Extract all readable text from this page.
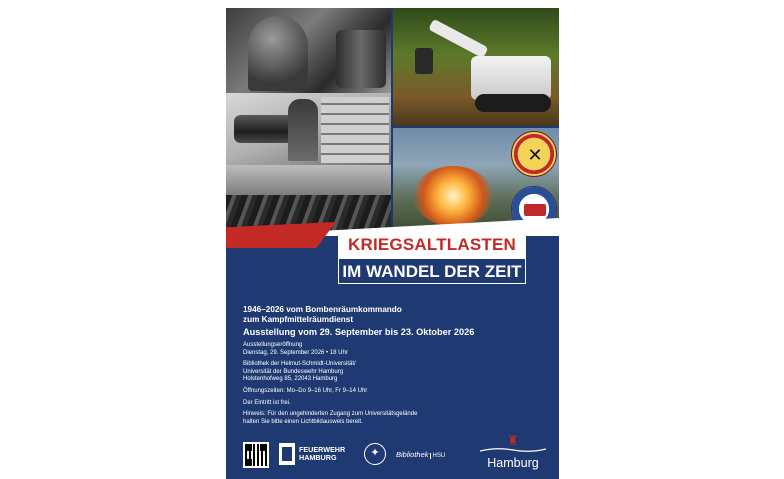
✕
KRIEGSALTLASTEN
IM WANDEL DER ZEIT
1946–2026 vom Bombenräumkommando
zum Kampfmittelräumdienst
Ausstellung vom 29. September bis 23. Oktober 2026
Ausstellungseröffnung
Dienstag, 29. September 2026 • 18 Uhr
Bibliothek der Helmut-Schmidt-Universität/
Universität der Bundeswehr Hamburg
Holstenhofweg 85, 22043 Hamburg
Öffnungszeiten: Mo–Do 9–16 Uhr, Fr 9–14 Uhr
Der Eintritt ist frei.
Hinweis: Für den ungehinderten Zugang zum Universitätsgelände
halten Sie bitte einen Lichtbildausweis bereit.
FEUERWEHR
HAMBURG	✦	Bibliothek HSU
♜
Hamburg
